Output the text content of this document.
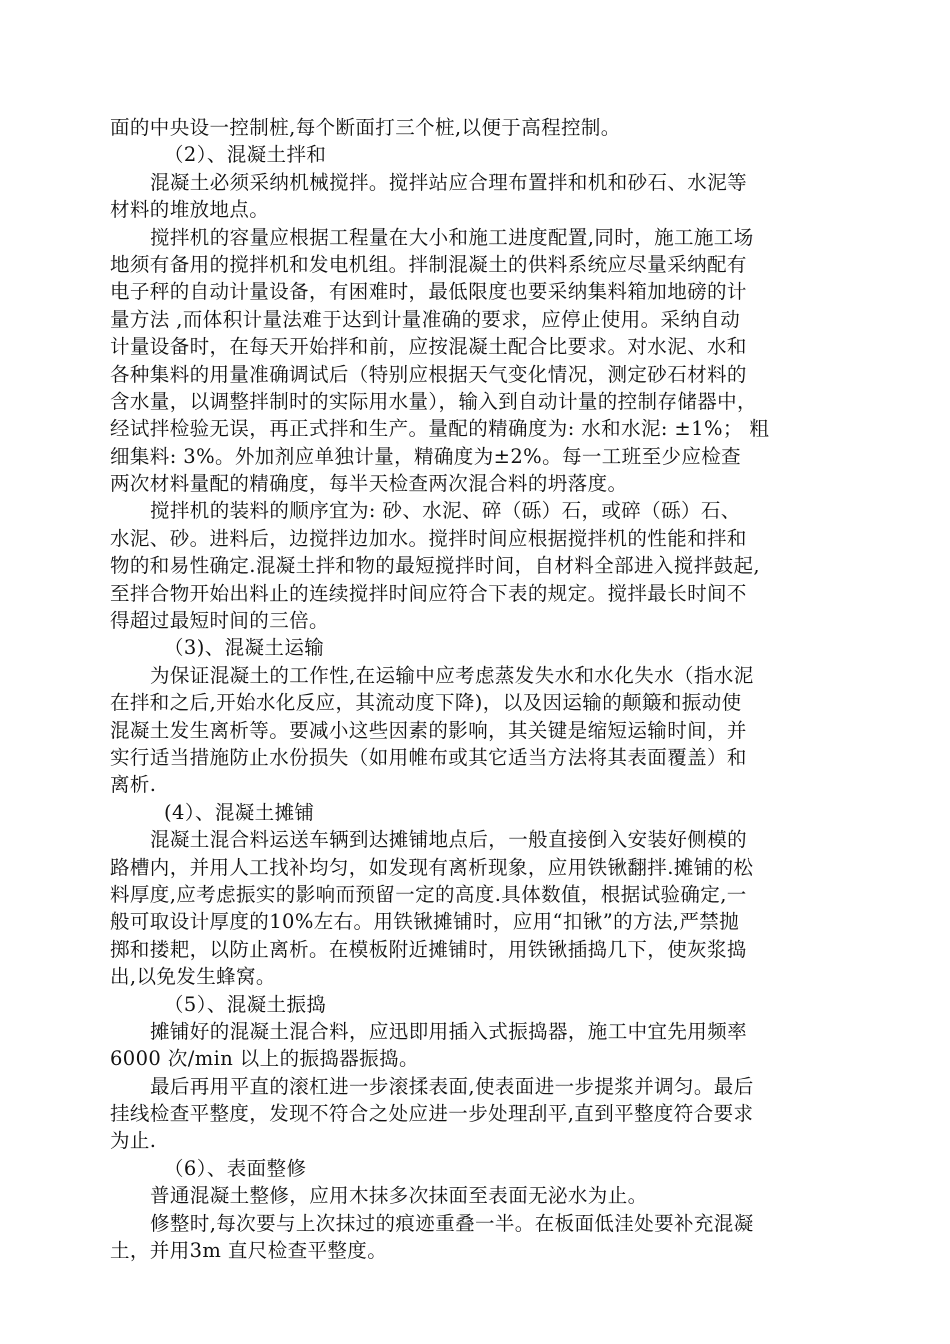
面的中央设一控制桩,每个断面打三个桩,以便于高程控制。
（2）、混凝土拌和
混凝土必须采纳机械搅拌。搅拌站应合理布置拌和机和砂石、水泥等
材料的堆放地点。
搅拌机的容量应根据工程量在大小和施工进度配置,同时，施工施工场
地须有备用的搅拌机和发电机组。拌制混凝土的供料系统应尽量采纳配有
电子秤的自动计量设备，有困难时，最低限度也要采纳集料箱加地磅的计
量方法 ,而体积计量法难于达到计量准确的要求，应停止使用。采纳自动
计量设备时，在每天开始拌和前，应按混凝土配合比要求。对水泥、水和
各种集料的用量准确调试后（特别应根据天气变化情况，测定砂石材料的
含水量，以调整拌制时的实际用水量），输入到自动计量的控制存储器中，
经试拌检验无误，再正式拌和生产。量配的精确度为: 水和水泥: ±1%； 粗
细集料: 3%。外加剂应单独计量，精确度为±2%。每一工班至少应检查
两次材料量配的精确度，每半天检查两次混合料的坍落度。
搅拌机的装料的顺序宜为: 砂、水泥、碎（砾）石，或碎（砾）石、
水泥、砂。进料后，边搅拌边加水。搅拌时间应根据搅拌机的性能和拌和
物的和易性确定.混凝土拌和物的最短搅拌时间，自材料全部进入搅拌鼓起,
至拌合物开始出料止的连续搅拌时间应符合下表的规定。搅拌最长时间不
得超过最短时间的三倍。
（3)、混凝土运输
为保证混凝土的工作性,在运输中应考虑蒸发失水和水化失水（指水泥
在拌和之后,开始水化反应，其流动度下降)，以及因运输的颠簸和振动使
混凝土发生离析等。要减小这些因素的影响，其关键是缩短运输时间，并
实行适当措施防止水份损失（如用帷布或其它适当方法将其表面覆盖）和
离析.
(4）、混凝土摊铺
混凝土混合料运送车辆到达摊铺地点后，一般直接倒入安装好侧模的
路槽内，并用人工找补均匀，如发现有离析现象，应用铁锹翻拌.摊铺的松
料厚度,应考虑振实的影响而预留一定的高度.具体数值，根据试验确定,一
般可取设计厚度的10%左右。用铁锹摊铺时，应用“扣锹”的方法,严禁抛
掷和搂耙，以防止离析。在模板附近摊铺时，用铁锹插捣几下，使灰浆捣
出,以免发生蜂窝。
（5）、混凝土振捣
摊铺好的混凝土混合料，应迅即用插入式振捣器，施工中宜先用频率
6000 次/min 以上的振捣器振捣。
最后再用平直的滚杠进一步滚揉表面,使表面进一步提浆并调匀。最后
挂线检查平整度，发现不符合之处应进一步处理刮平,直到平整度符合要求
为止.
（6）、表面整修
普通混凝土整修，应用木抹多次抹面至表面无泌水为止。
修整时,每次要与上次抹过的痕迹重叠一半。在板面低洼处要补充混凝
土，并用3m 直尺检查平整度。
